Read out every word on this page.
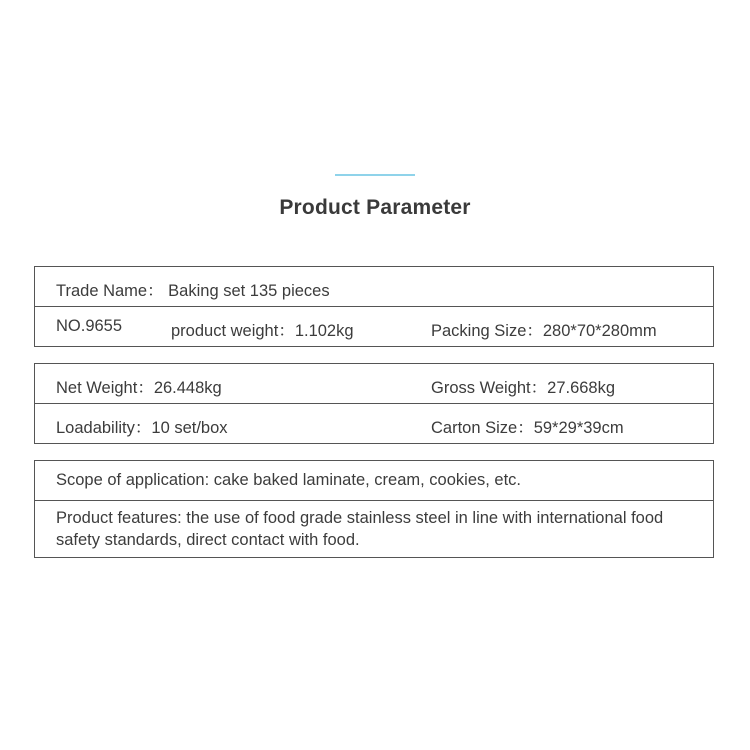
Product Parameter
Trade Name： Baking set 135 pieces
NO.9655	product weight：1.102kg	Packing Size：280*70*280mm
Net Weight：26.448kg	Gross Weight：27.668kg
Loadability：10 set/box	Carton Size：59*29*39cm
Scope of application: cake baked laminate, cream, cookies, etc.
Product features: the use of food grade stainless steel in line with international food safety standards, direct contact with food.
